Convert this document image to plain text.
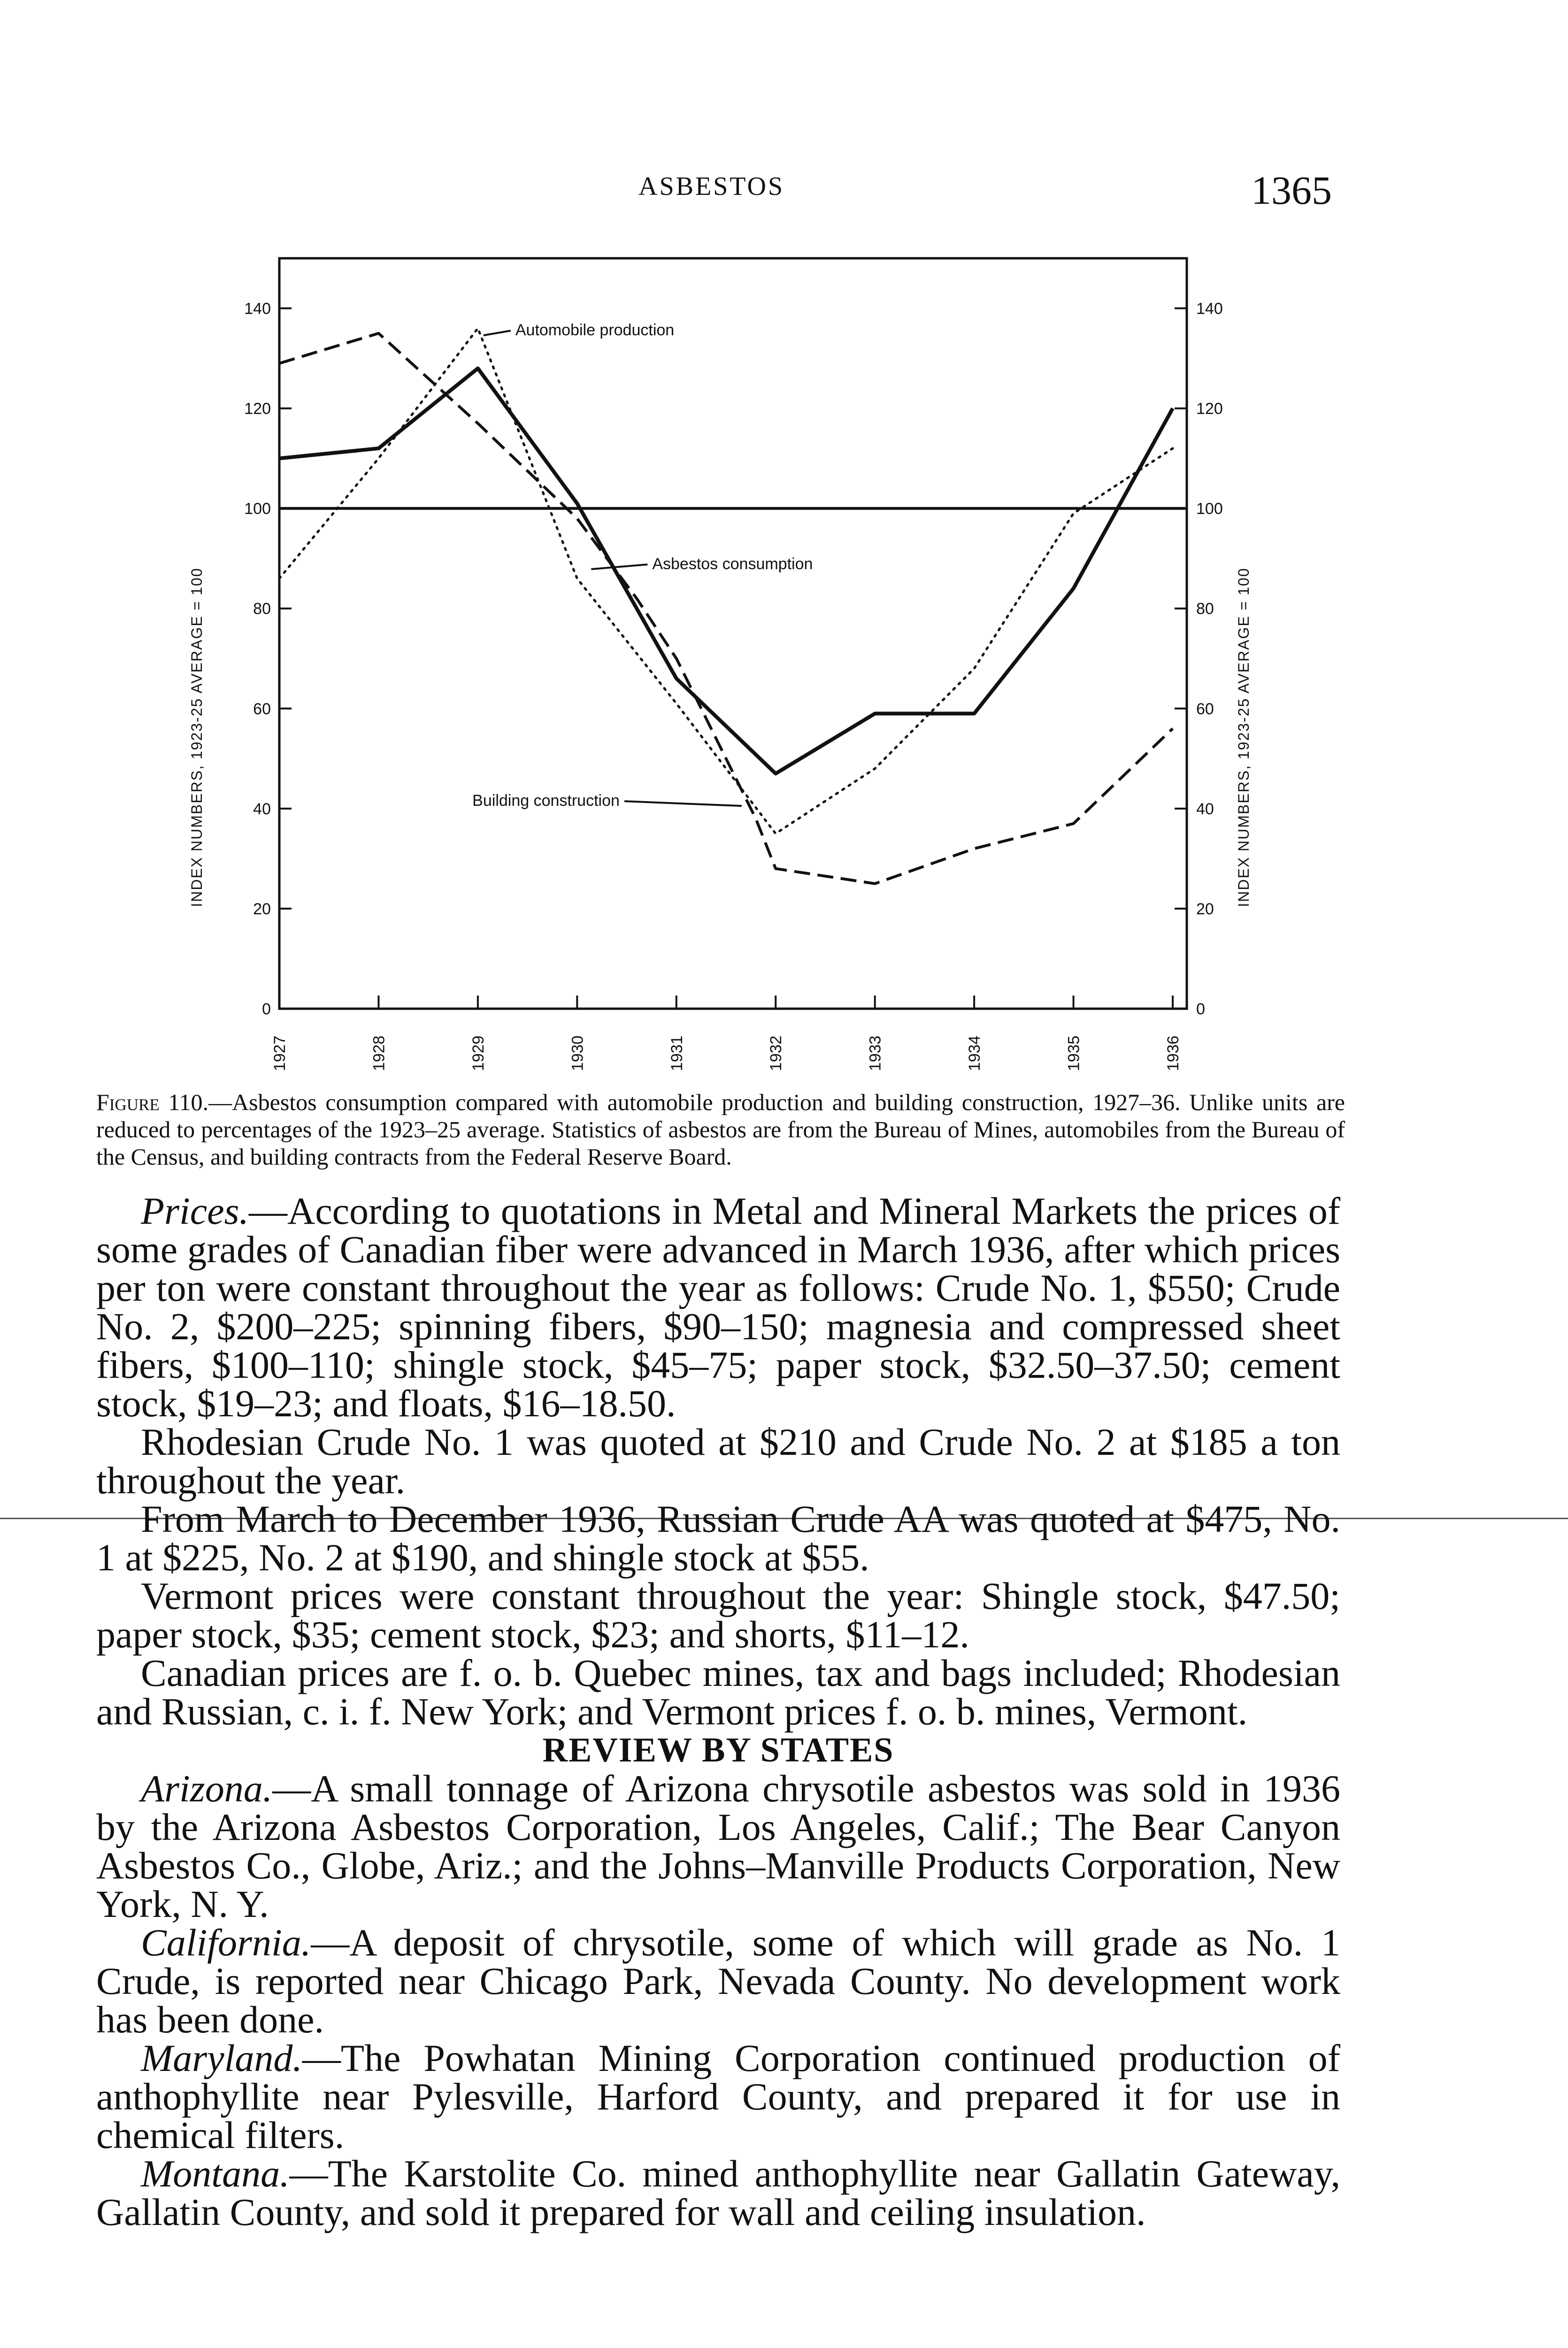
ASBESTOS	1365
0	0
20	20
40	40
60	60
80	80
100	100
120	120
140	140
1927	1928	1929	1930	1931	1932	1933	1934	1935	1936
Automobile production
Asbestos consumption
Building construction
INDEX NUMBERS, 1923-25 AVERAGE = 100	INDEX NUMBERS, 1923-25 AVERAGE = 100
Figure 110.—Asbestos consumption compared with automobile production and building construction, 1927–36. Unlike units are reduced to percentages of the 1923–25 average. Statistics of asbestos are from the Bureau of Mines, automobiles from the Bureau of the Census, and building contracts from the Federal Reserve Board.

Prices.—According to quotations in Metal and Mineral Markets the prices of some grades of Canadian fiber were advanced in March 1936, after which prices per ton were constant throughout the year as follows: Crude No. 1, $550; Crude No. 2, $200–225; spinning fibers, $90–150; magnesia and compressed sheet fibers, $100–110; shingle stock, $45–75; paper stock, $32.50–37.50; cement stock, $19–23; and floats, $16–18.50.

Rhodesian Crude No. 1 was quoted at $210 and Crude No. 2 at $185 a ton throughout the year.

From March to December 1936, Russian Crude AA was quoted at $475, No. 1 at $225, No. 2 at $190, and shingle stock at $55.

Vermont prices were constant throughout the year: Shingle stock, $47.50; paper stock, $35; cement stock, $23; and shorts, $11–12.

Canadian prices are f. o. b. Quebec mines, tax and bags included; Rhodesian and Russian, c. i. f. New York; and Vermont prices f. o. b. mines, Vermont.

REVIEW BY STATES

Arizona.—A small tonnage of Arizona chrysotile asbestos was sold in 1936 by the Arizona Asbestos Corporation, Los Angeles, Calif.; The Bear Canyon Asbestos Co., Globe, Ariz.; and the Johns–Manville Products Corporation, New York, N. Y.

California.—A deposit of chrysotile, some of which will grade as No. 1 Crude, is reported near Chicago Park, Nevada County. No development work has been done.

Maryland.—The Powhatan Mining Corporation continued production of anthophyllite near Pylesville, Harford County, and prepared it for use in chemical filters.

Montana.—The Karstolite Co. mined anthophyllite near Gallatin Gateway, Gallatin County, and sold it prepared for wall and ceiling insulation.
